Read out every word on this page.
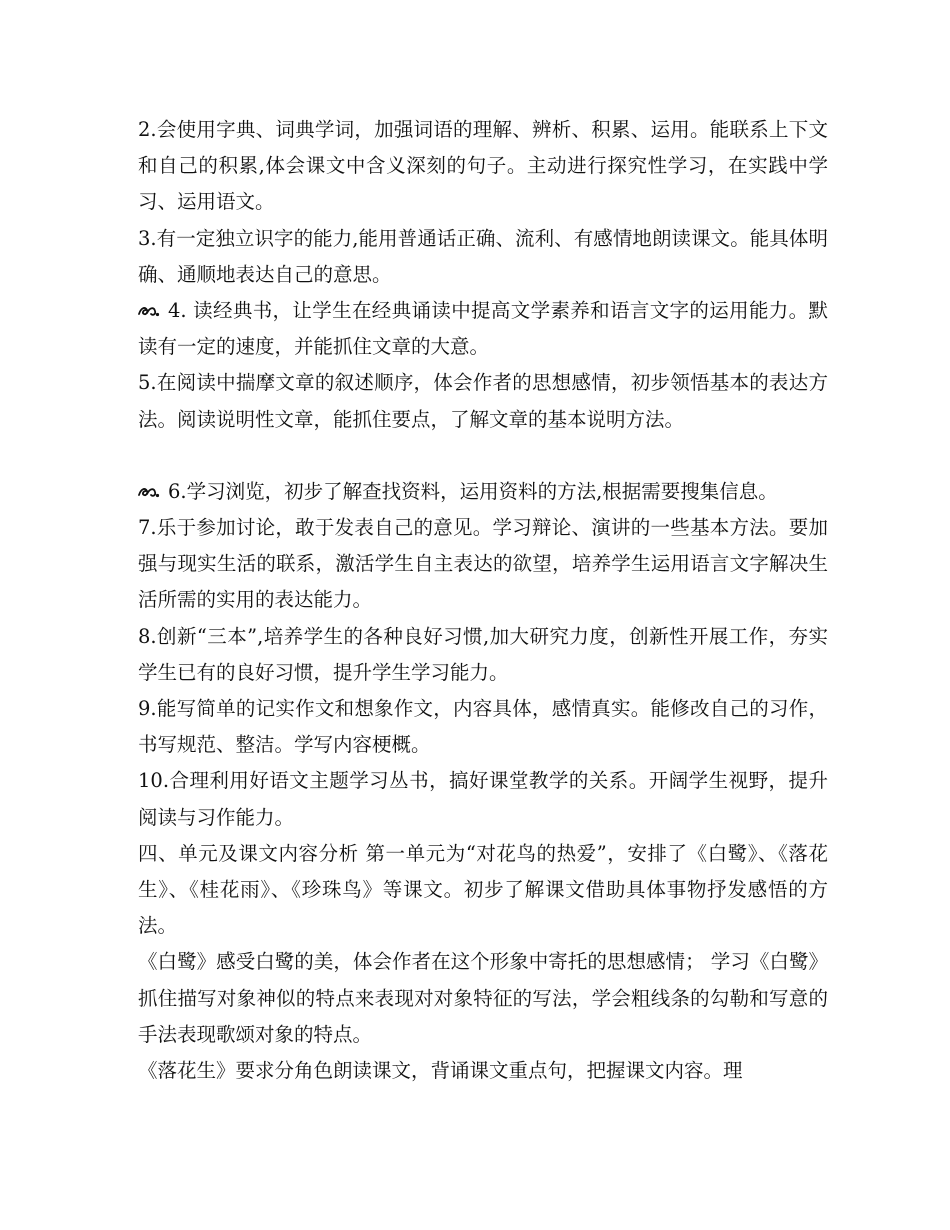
2.会使用字典、词典学词，加强词语的理解、辨析、积累、运用。能联系上下文和自己的积累,体会课文中含义深刻的句子。主动进行探究性学习，在实践中学习、运用语文。

3.有一定独立识字的能力,能用普通话正确、流利、有感情地朗读课文。能具体明确、通顺地表达自己的意思。

4. 读经典书，让学生在经典诵读中提高文学素养和语言文字的运用能力。默读有一定的速度，并能抓住文章的大意。

5.在阅读中揣摩文章的叙述顺序，体会作者的思想感情，初步领悟基本的表达方法。阅读说明性文章，能抓住要点，了解文章的基本说明方法。

6.学习浏览，初步了解查找资料，运用资料的方法,根据需要搜集信息。

7.乐于参加讨论，敢于发表自己的意见。学习辩论、演讲的一些基本方法。要加强与现实生活的联系，激活学生自主表达的欲望，培养学生运用语言文字解决生活所需的实用的表达能力。

8.创新“三本”,培养学生的各种良好习惯,加大研究力度，创新性开展工作，夯实学生已有的良好习惯，提升学生学习能力。

9.能写简单的记实作文和想象作文，内容具体，感情真实。能修改自己的习作，书写规范、整洁。学写内容梗概。

10.合理利用好语文主题学习丛书，搞好课堂教学的关系。开阔学生视野，提升阅读与习作能力。

四、单元及课文内容分析 第一单元为“对花鸟的热爱”，安排了《白鹭》、《落花生》、《桂花雨》、《珍珠鸟》等课文。初步了解课文借助具体事物抒发感悟的方法。

《白鹭》感受白鹭的美，体会作者在这个形象中寄托的思想感情； 学习《白鹭》抓住描写对象神似的特点来表现对对象特征的写法，学会粗线条的勾勒和写意的手法表现歌颂对象的特点。

《落花生》要求分角色朗读课文，背诵课文重点句，把握课文内容。理
